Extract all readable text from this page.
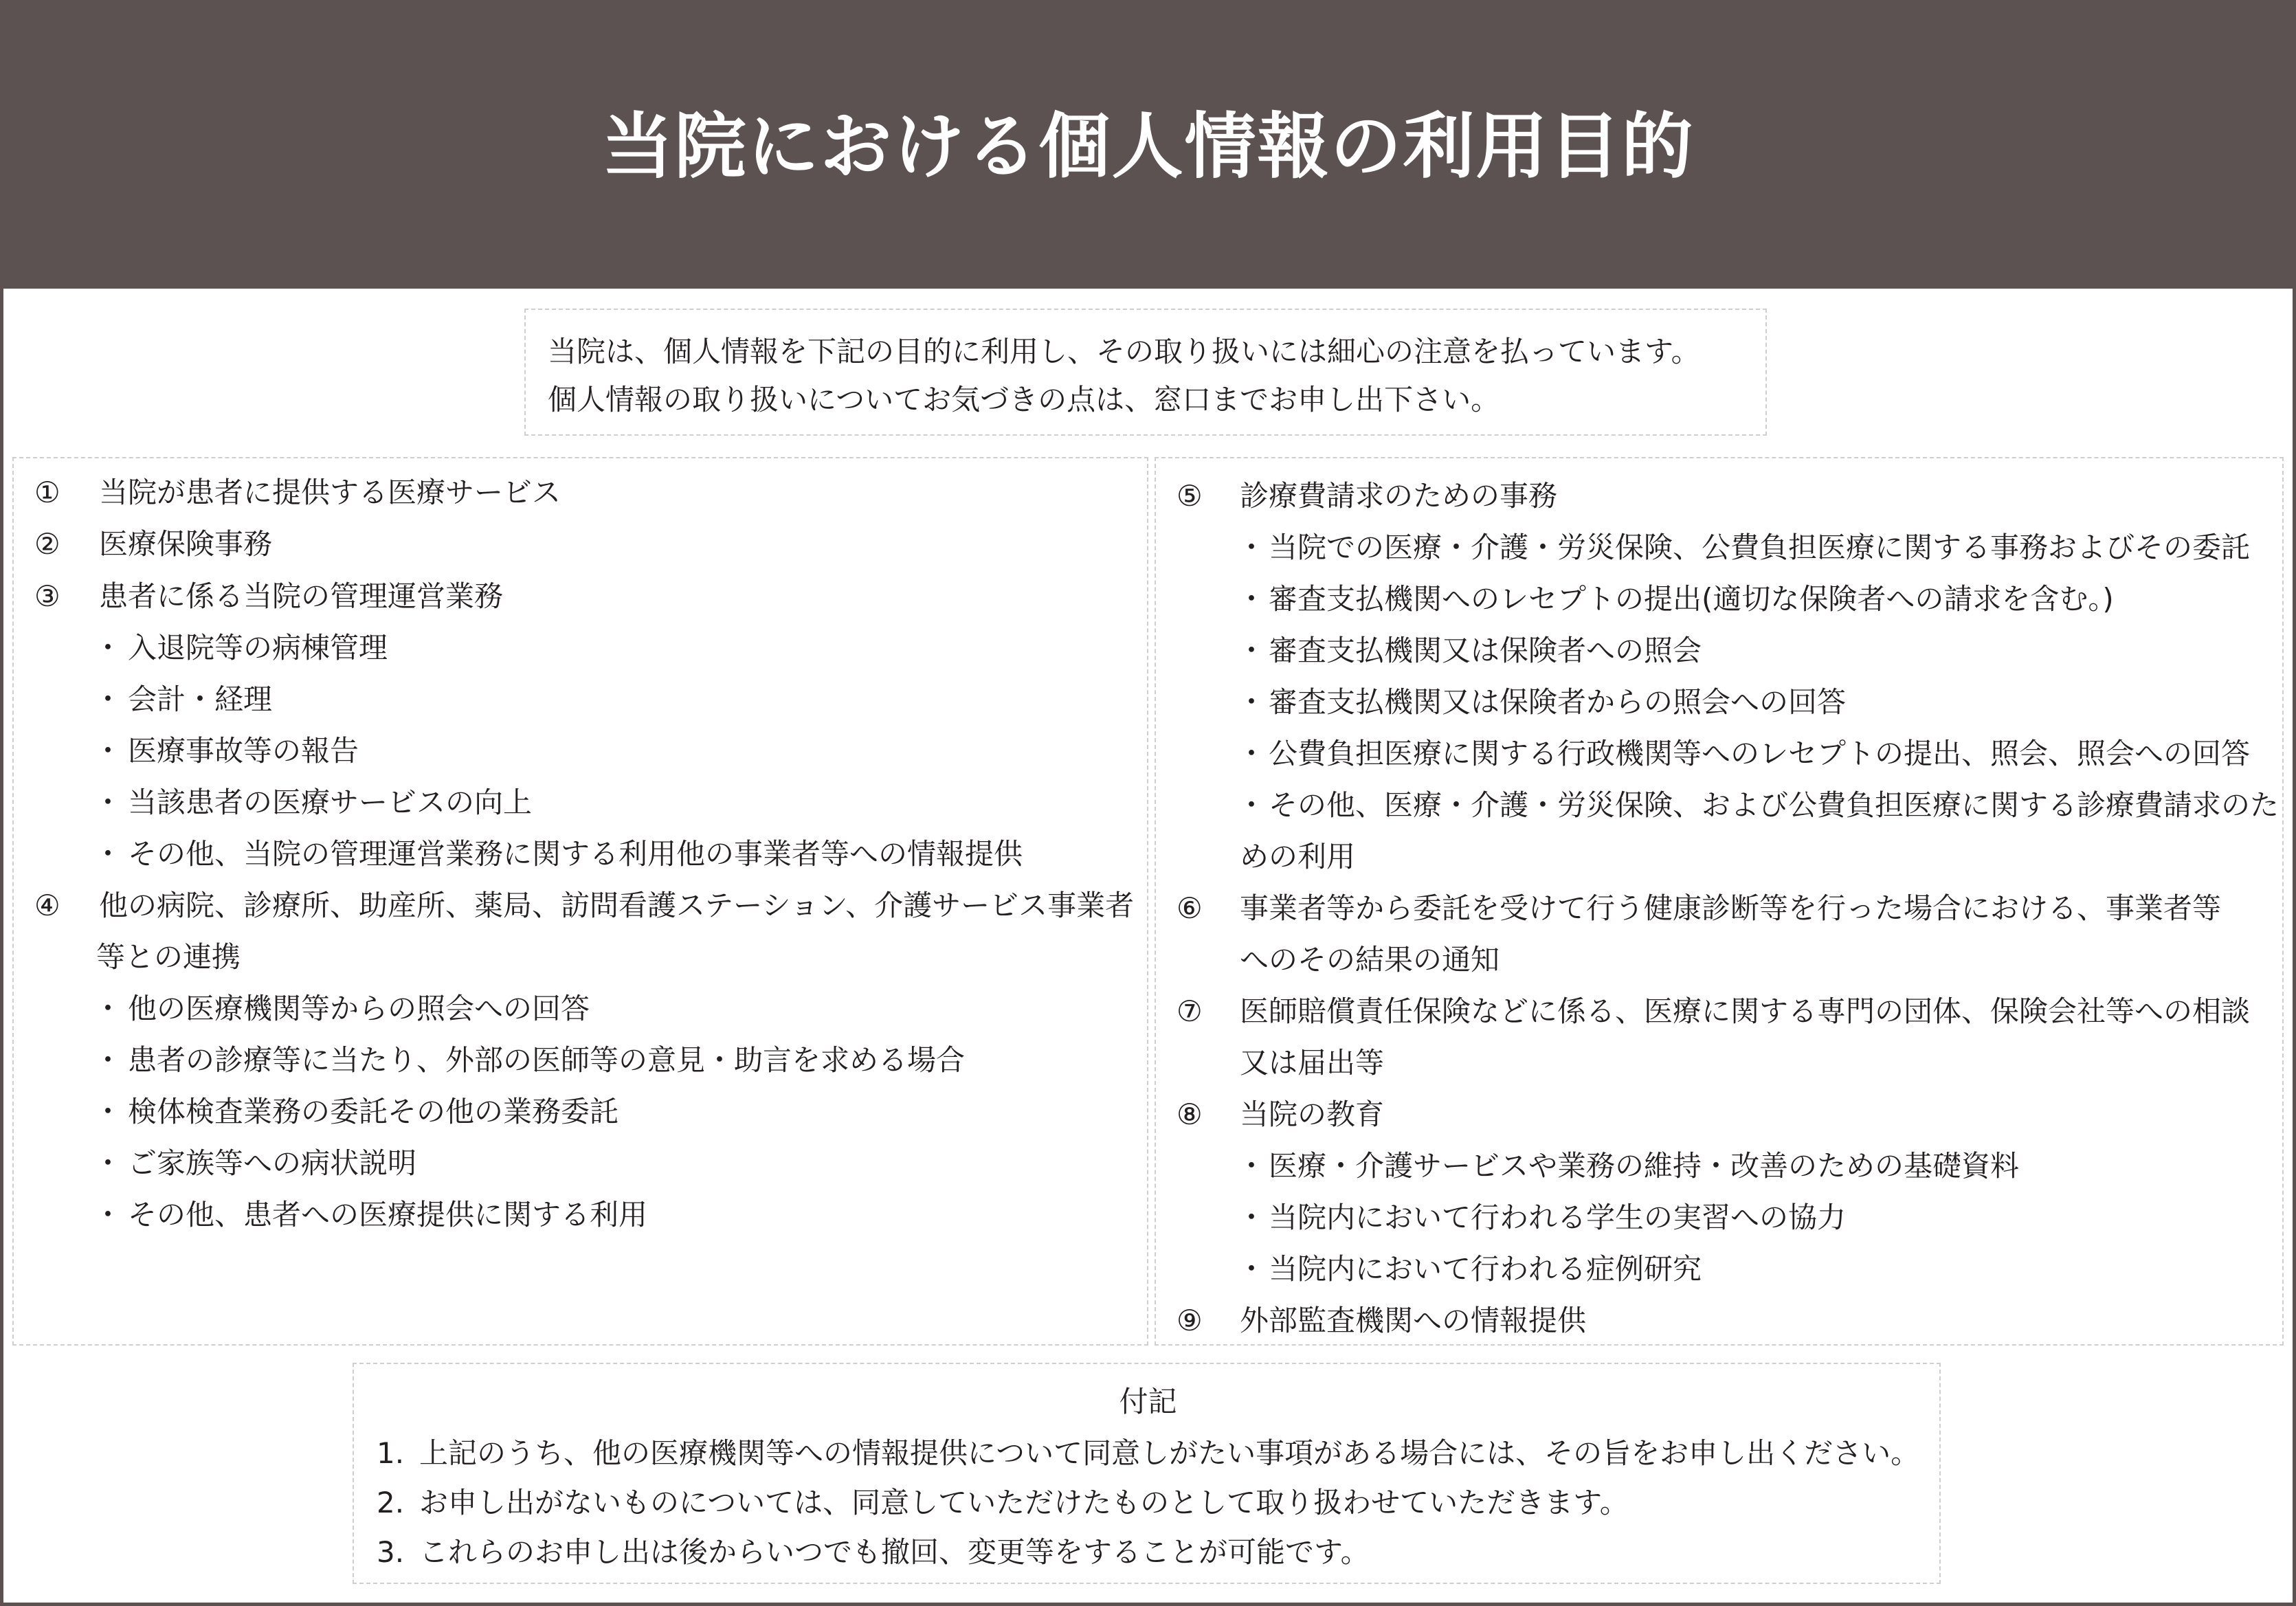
当院における個人情報の利用目的

当院は、個人情報を下記の目的に利用し、その取り扱いには細心の注意を払っています。

個人情報の取り扱いについてお気づきの点は、窓口までお申し出下さい。

① 当院が患者に提供する医療サービス
② 医療保険事務
③ 患者に係る当院の管理運営業務
・ 入退院等の病棟管理
・ 会計・経理
・ 医療事故等の報告
・ 当該患者の医療サービスの向上
・ その他、当院の管理運営業務に関する利用他の事業者等への情報提供
④ 他の病院、診療所、助産所、薬局、訪問看護ステーション、介護サービス事業者
等との連携
・ 他の医療機関等からの照会への回答
・ 患者の診療等に当たり、外部の医師等の意見・助言を求める場合
・ 検体検査業務の委託その他の業務委託
・ ご家族等への病状説明
・ その他、患者への医療提供に関する利用
⑤ 診療費請求のための事務
・ 当院での医療・介護・労災保険、公費負担医療に関する事務およびその委託
・ 審査支払機関へのレセプトの提出(適切な保険者への請求を含む。)
・ 審査支払機関又は保険者への照会
・ 審査支払機関又は保険者からの照会への回答
・ 公費負担医療に関する行政機関等へのレセプトの提出、照会、照会への回答
・ その他、医療・介護・労災保険、および公費負担医療に関する診療費請求のた
めの利用
⑥ 事業者等から委託を受けて行う健康診断等を行った場合における、事業者等
へのその結果の通知
⑦ 医師賠償責任保険などに係る、医療に関する専門の団体、保険会社等への相談
又は届出等
⑧ 当院の教育
・ 医療・介護サービスや業務の維持・改善のための基礎資料
・ 当院内において行われる学生の実習への協力
・ 当院内において行われる症例研究
⑨ 外部監査機関への情報提供
付記
1. 上記のうち、他の医療機関等への情報提供について同意しがたい事項がある場合には、その旨をお申し出ください。
2. お申し出がないものについては、同意していただけたものとして取り扱わせていただきます。
3. これらのお申し出は後からいつでも撤回、変更等をすることが可能です。
